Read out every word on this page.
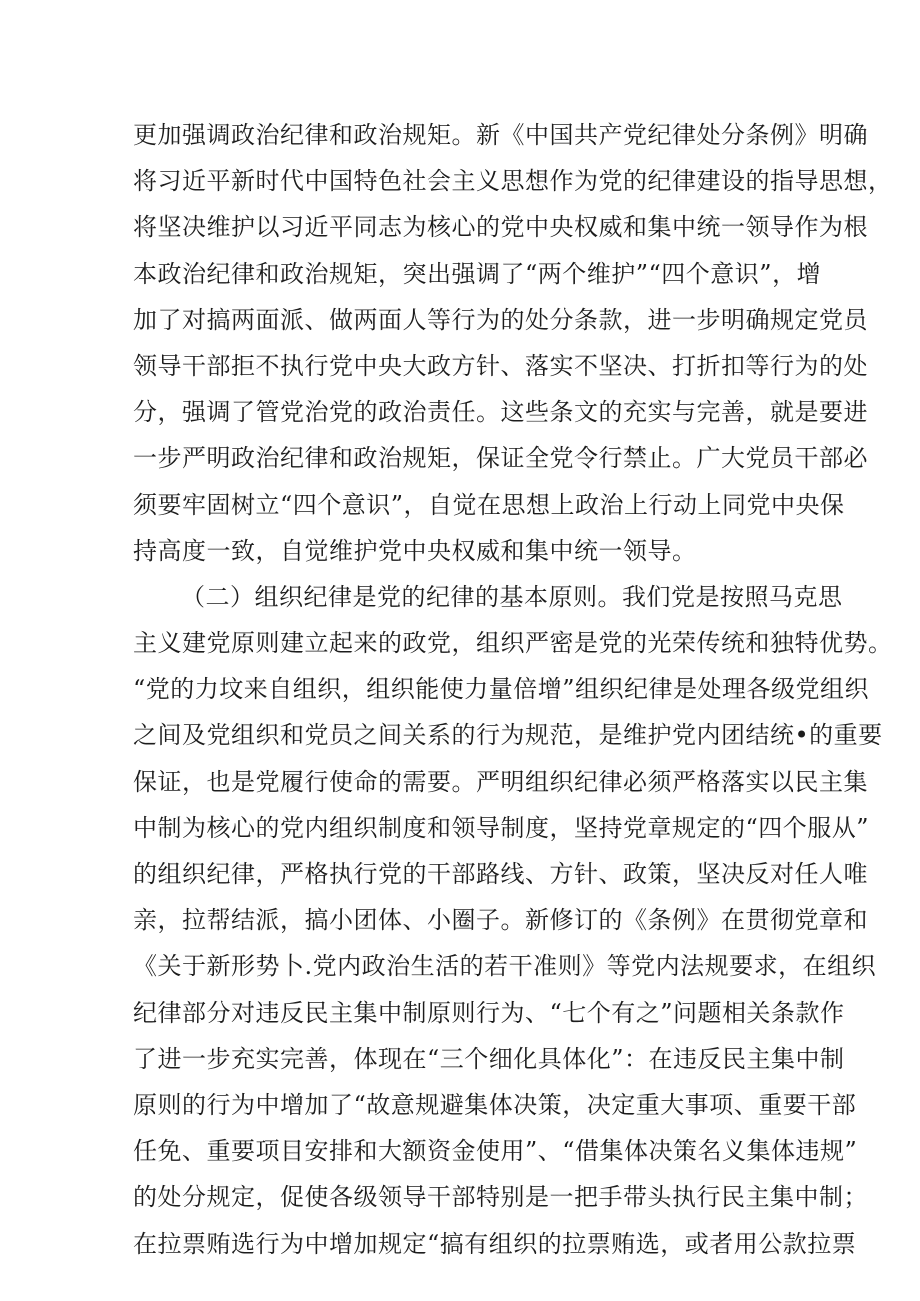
更加强调政治纪律和政治规矩。新《中国共产党纪律处分条例》明确
将习近平新时代中国特色社会主义思想作为党的纪律建设的指导思想，
将坚决维护以习近平同志为核心的党中央权威和集中统一领导作为根
本政治纪律和政治规矩，突出强调了“两个维护”“四个意识”，增
加了对搞两面派、做两面人等行为的处分条款，进一步明确规定党员
领导干部拒不执行党中央大政方针、落实不坚决、打折扣等行为的处
分，强调了管党治党的政治责任。这些条文的充实与完善，就是要进
一步严明政治纪律和政治规矩，保证全党令行禁止。广大党员干部必
须要牢固树立“四个意识”，自觉在思想上政治上行动上同党中央保
持高度一致，自觉维护党中央权威和集中统一领导。
（二）组织纪律是党的纪律的基本原则。我们党是按照马克思
主义建党原则建立起来的政党，组织严密是党的光荣传统和独特优势。
“党的力坟来自组织，组织能使力量倍增”组织纪律是处理各级党组织
之间及党组织和党员之间关系的行为规范，是维护党内团结统•的重要
保证，也是党履行使命的需要。严明组织纪律必须严格落实以民主集
中制为核心的党内组织制度和领导制度，坚持党章规定的“四个服从”
的组织纪律，严格执行党的干部路线、方针、政策，坚决反对任人唯
亲，拉帮结派，搞小团体、小圈子。新修订的《条例》在贯彻党章和
《关于新形势卜.党内政治生活的若干准则》等党内法规要求，在组织
纪律部分对违反民主集中制原则行为、“七个有之”问题相关条款作
了进一步充实完善，体现在“三个细化具体化”：在违反民主集中制
原则的行为中增加了“故意规避集体决策，决定重大事项、重要干部
任免、重要项目安排和大额资金使用”、“借集体决策名义集体违规”
的处分规定，促使各级领导干部特别是一把手带头执行民主集中制；
在拉票贿选行为中增加规定“搞有组织的拉票贿选，或者用公款拉票
